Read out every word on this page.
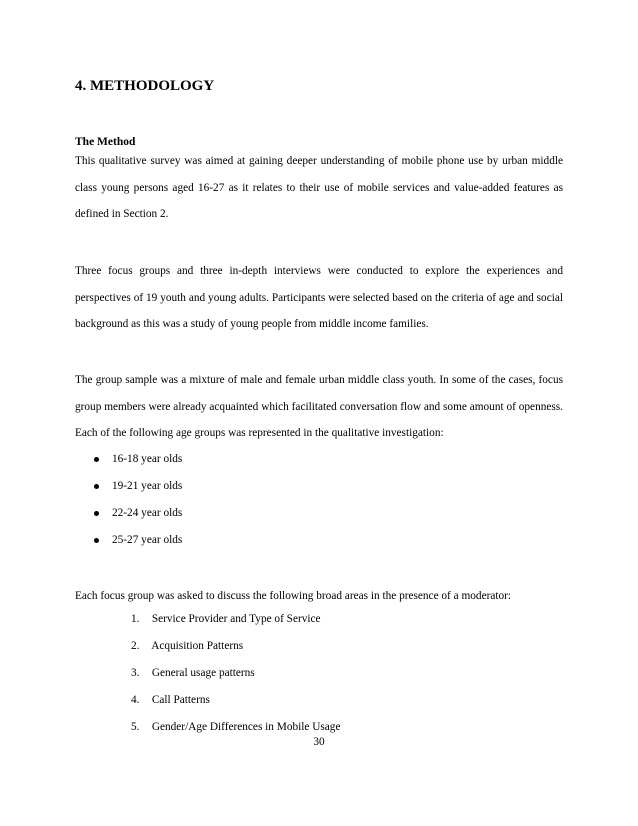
4. METHODOLOGY
The Method

This qualitative survey was aimed at gaining deeper understanding of mobile phone use by urban middle class young persons aged 16-27 as it relates to their use of mobile services and value-added features as defined in Section 2.

Three focus groups and three in-depth interviews were conducted to explore the experiences and perspectives of 19 youth and young adults. Participants were selected based on the criteria of age and social background as this was a study of young people from middle income families.

The group sample was a mixture of male and female urban middle class youth. In some of the cases, focus group members were already acquainted which facilitated conversation flow and some amount of openness. Each of the following age groups was represented in the qualitative investigation:

16-18 year olds
19-21 year olds
22-24 year olds
25-27 year olds

Each focus group was asked to discuss the following broad areas in the presence of a moderator:

1. Service Provider and Type of Service
2. Acquisition Patterns
3. General usage patterns
4. Call Patterns
5. Gender/Age Differences in Mobile Usage
30
